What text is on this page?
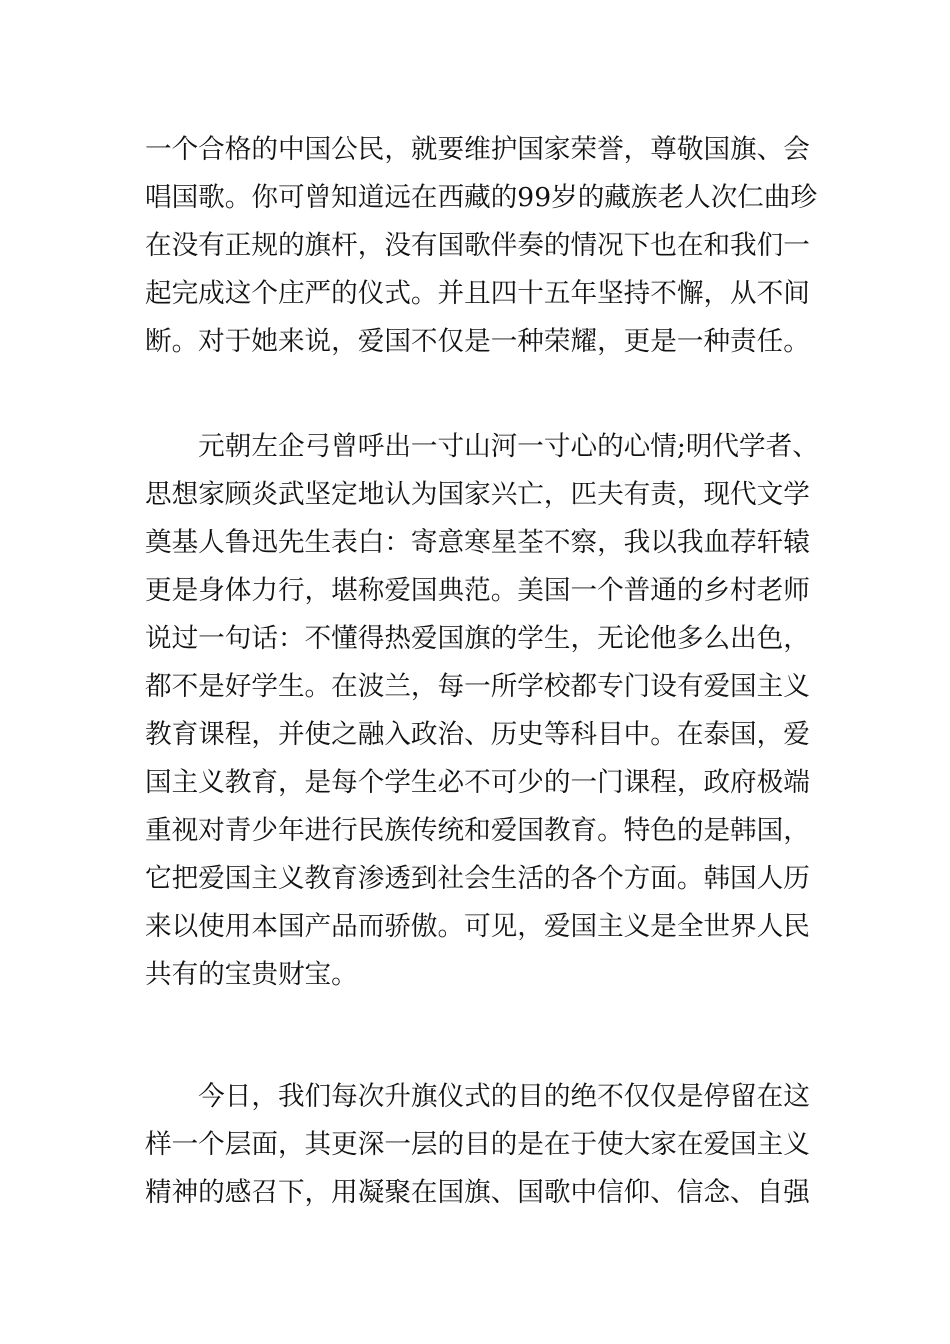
一个合格的中国公民，就要维护国家荣誉，尊敬国旗、会
唱国歌。你可曾知道远在西藏的99岁的藏族老人次仁曲珍
在没有正规的旗杆，没有国歌伴奏的情况下也在和我们一
起完成这个庄严的仪式。并且四十五年坚持不懈，从不间
断。对于她来说，爱国不仅是一种荣耀，更是一种责任。
　　元朝左企弓曾呼出一寸山河一寸心的心情;明代学者、
思想家顾炎武坚定地认为国家兴亡，匹夫有责，现代文学
奠基人鲁迅先生表白：寄意寒星荃不察，我以我血荐轩辕
更是身体力行，堪称爱国典范。美国一个普通的乡村老师
说过一句话：不懂得热爱国旗的学生，无论他多么出色，
都不是好学生。在波兰，每一所学校都专门设有爱国主义
教育课程，并使之融入政治、历史等科目中。在泰国，爱
国主义教育，是每个学生必不可少的一门课程，政府极端
重视对青少年进行民族传统和爱国教育。特色的是韩国，
它把爱国主义教育渗透到社会生活的各个方面。韩国人历
来以使用本国产品而骄傲。可见，爱国主义是全世界人民
共有的宝贵财宝。
　　今日，我们每次升旗仪式的目的绝不仅仅是停留在这
样一个层面，其更深一层的目的是在于使大家在爱国主义
精神的感召下，用凝聚在国旗、国歌中信仰、信念、自强
